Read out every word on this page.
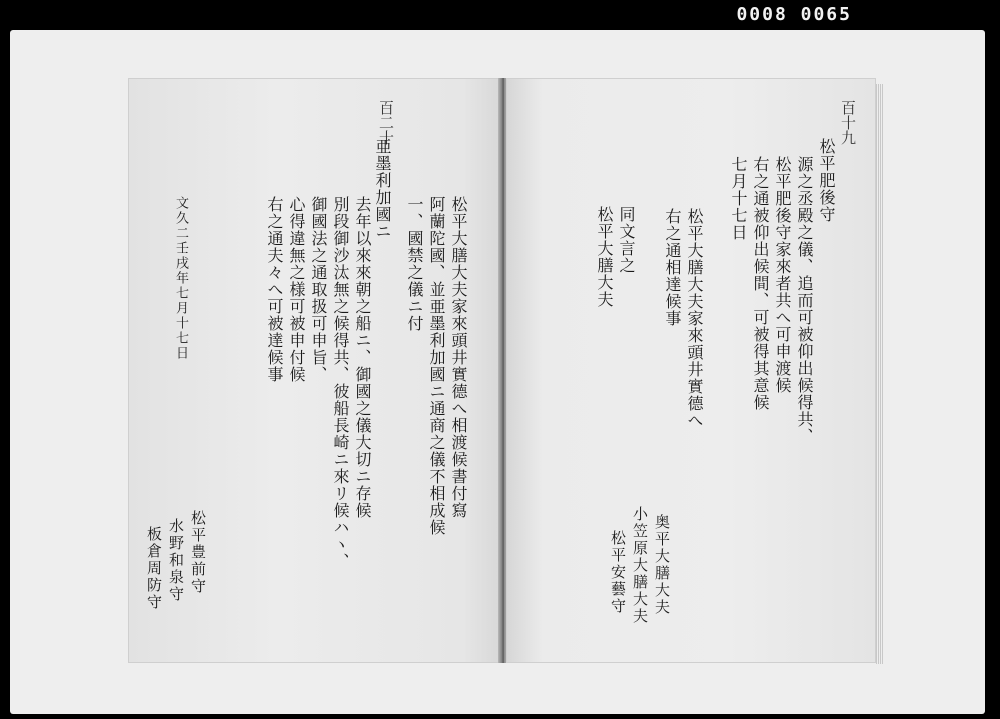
0008 0065
百二十
亜墨利加國ニ
松平大膳大夫家來頭井實德へ相渡候書付寫
阿蘭陀國、並亜墨利加國ニ通商之儀不相成候
一、國禁之儀ニ付
去年以來來朝之船ニ、御國之儀大切ニ存候
別段御沙汰無之候得共、彼船長崎ニ來リ候ハヽ、
御國法之通取扱可申旨、
心得違無之様可被申付候
右之通夫々へ可被達候事
文久二壬戌年七月十七日
松平豊前守
水野和泉守
板倉周防守
百十九
松平肥後守
源之丞殿之儀、追而可被仰出候得共、
松平肥後守家來者共へ可申渡候
右之通被仰出候間、可被得其意候
七月十七日
松平大膳大夫家來頭井實德へ
右之通相達候事
同文言之
松平大膳大夫
奥平大膳大夫
小笠原大膳大夫
松平安藝守
